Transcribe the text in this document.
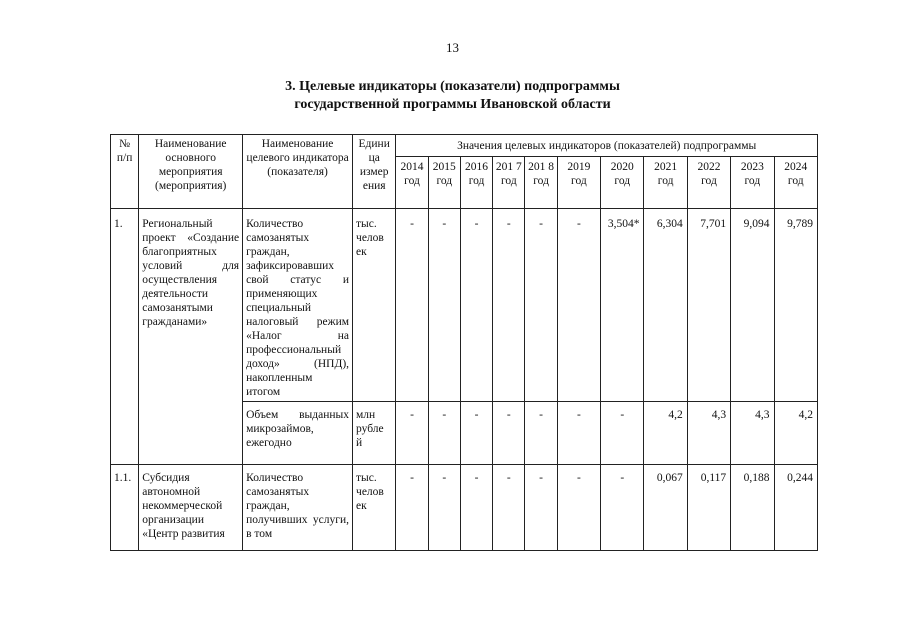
13
3. Целевые индикаторы (показатели) подпрограммы
государственной программы Ивановской области
№ п/п	Наименование основного мероприятия (мероприятия)	Наименование целевого индикатора (показателя)	Едини ца измер ения	Значения целевых индикаторов (показателей) подпрограммы										
				2014 год	2015 год	2016 год	201 7 год	201 8 год	2019 год	2020 год	2021 год	2022 год	2023 год	2024 год
1.	Региональный проект «Создание благоприятных условий для осуществления деятельности самозанятыми гражданами»	Количество самозанятых граждан, зафиксировавших свой статус и применяющих специальный налоговый режим «Налог на профессиональный доход» (НПД), накопленным итогом	тыс. челов ек	-	-	-	-	-	-	3,504*	6,304	7,701	9,094	9,789
		Объем выданных микрозаймов, ежегодно	млн рубле й	-	-	-	-	-	-	-	4,2	4,3	4,3	4,2
1.1.	Субсидия автономной некоммерческой организации «Центр развития	Количество самозанятых граждан, получивших услуги, в том	тыс. челов ек	-	-	-	-	-	-	-	0,067	0,117	0,188	0,244
